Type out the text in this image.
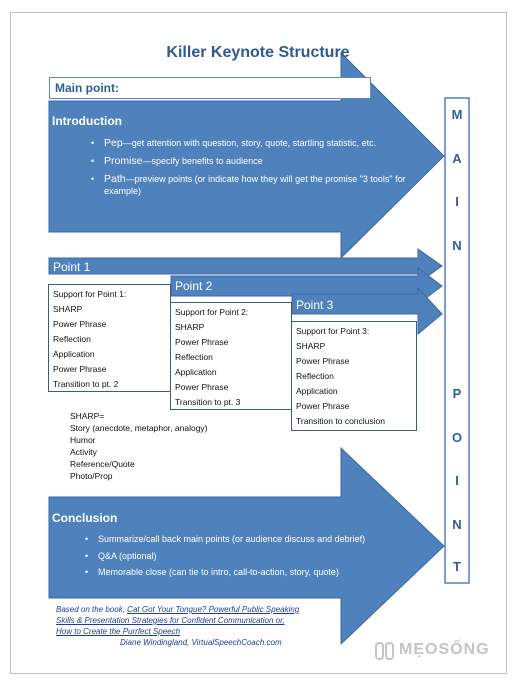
Killer Keynote Structure
Main point:
Introduction
• Pep—get attention with question, story, quote, startling statistic, etc.
• Promise—specify benefits to audience
• Path—preview points (or indicate how they will get the promise "3 tools" for example)
Point 1
Point 2
Point 3
Support for Point 1:
SHARP
Power Phrase
Reflection
Application
Power Phrase
Transition to pt. 2
Support for Point 2:
SHARP
Power Phrase
Reflection
Application
Power Phrase
Transition to pt. 3
Support for Point 3:
SHARP
Power Phrase
Reflection
Application
Power Phrase
Transition to conclusion
SHARP=
Story (anecdote, metaphor, analogy)
Humor
Activity
Reference/Quote
Photo/Prop
Conclusion
• Summarize/call back main points (or audience discuss and debrief)
• Q&A (optional)
• Memorable close (can tie to intro, call-to-action, story, quote)
M
A
I
N
P
O
I
N
T
Based on the book, Cat Got Your Tongue? Powerful Public Speaking
Skills & Presentation Strategies for Confident Communication or,
How to Create the Purrfect Speech
Diane Windingland, VirtualSpeechCoach.com	MẸOSỐNG
